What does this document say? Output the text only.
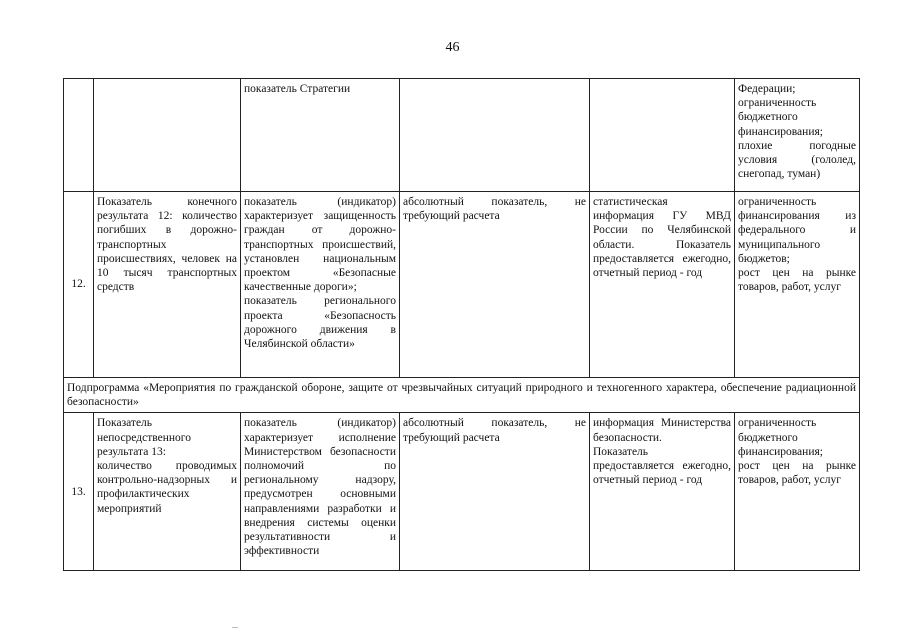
46
		показатель Стратегии			Федерации;
ограниченность бюджетного финансирования;
плохие погодные условия (гололед, снегопад, туман)
12.	Показатель конечного результата 12: количество погибших в дорожно-транспортных происшествиях, человек на 10 тысяч транспортных средств	показатель (индикатор) характеризует защищенность граждан от дорожно-транспортных происшествий, установлен национальным проектом «Безопасные качественные дороги»;
показатель регионального проекта «Безопасность дорожного движения в Челябинской области»	абсолютный показатель, не требующий расчета	статистическая информация ГУ МВД России по Челябинской области. Показатель предоставляется ежегодно, отчетный период - год	ограниченность финансирования из федерального и муниципального бюджетов;
рост цен на рынке товаров, работ, услуг
Подпрограмма «Мероприятия по гражданской обороне, защите от чрезвычайных ситуаций природного и техногенного характера, обеспечение радиационной безопасности»					
13.	Показатель непосредственного результата 13:
количество проводимых контрольно-надзорных и профилактических мероприятий	показатель (индикатор) характеризует исполнение Министерством безопасности полномочий по региональному надзору, предусмотрен основными направлениями разработки и внедрения системы оценки результативности и эффективности	абсолютный показатель, не требующий расчета	информация Министерства безопасности.
Показатель предоставляется ежегодно, отчетный период - год	ограниченность бюджетного финансирования;
рост цен на рынке товаров, работ, услуг
